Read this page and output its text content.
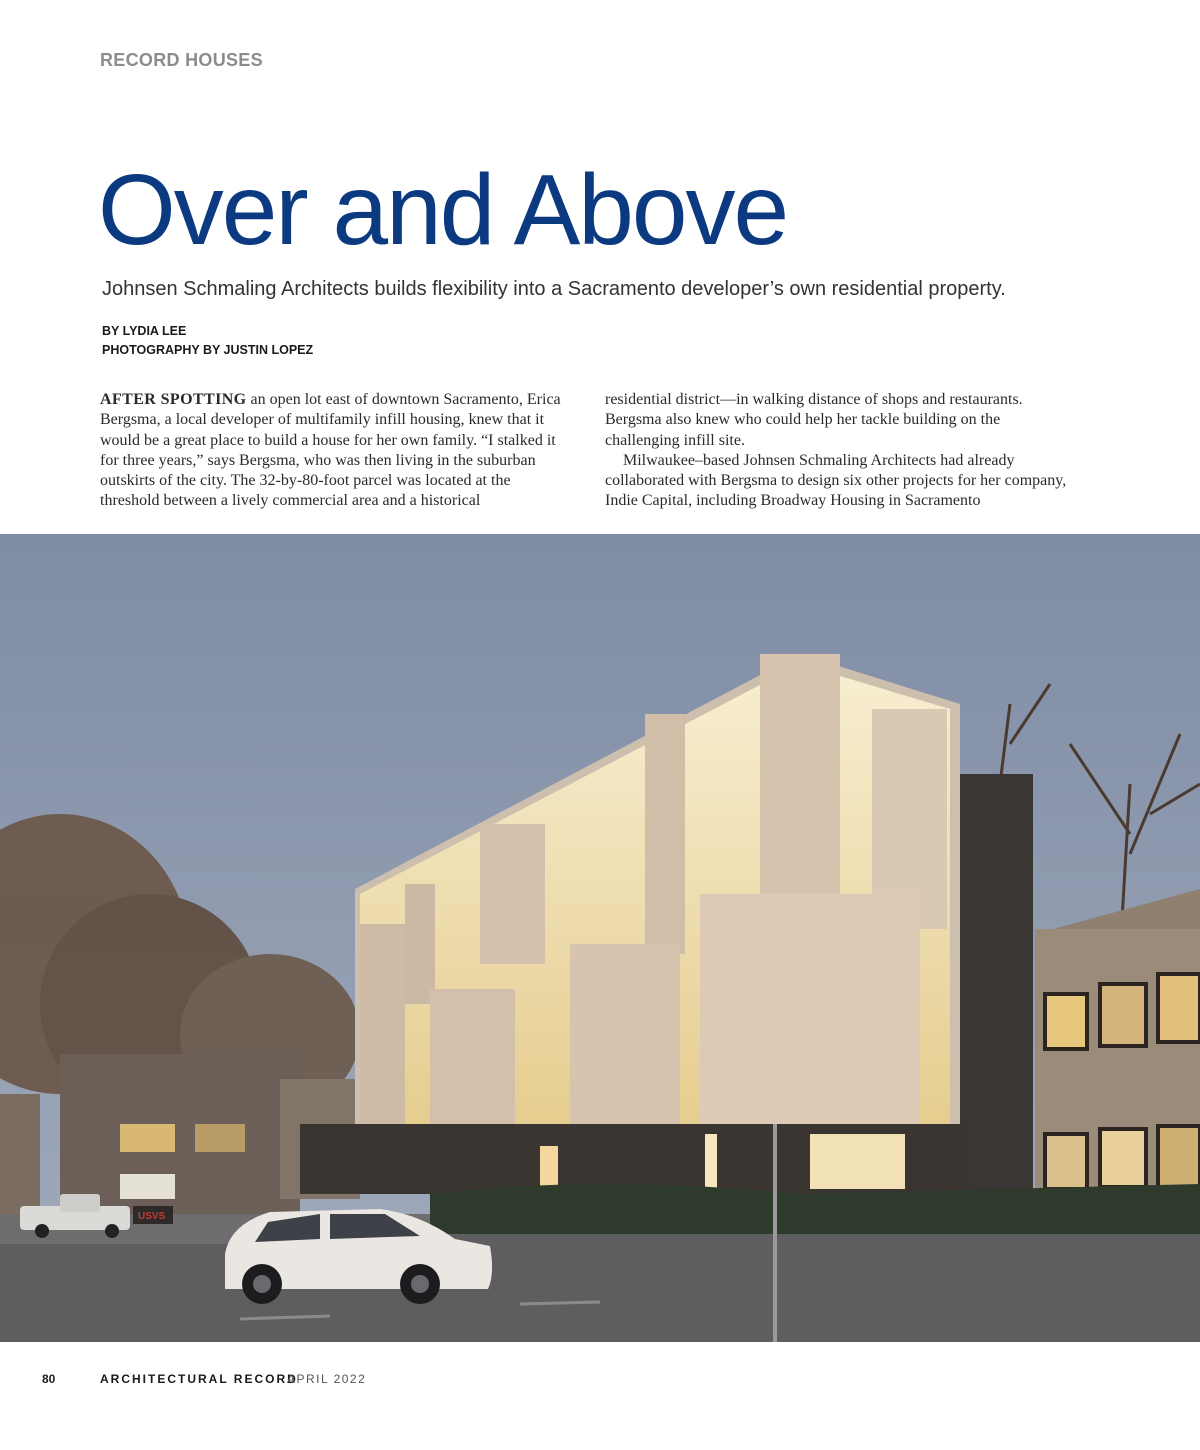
RECORD HOUSES
Over and Above

Johnsen Schmaling Architects builds flexibility into a Sacramento developer’s own residential property.

BY LYDIA LEE
PHOTOGRAPHY BY JUSTIN LOPEZ

AFTER SPOTTING an open lot east of downtown Sacramento, Erica Bergsma, a local developer of multifamily infill housing, knew that it would be a great place to build a house for her own family. “I stalked it for three years,” says Bergsma, who was then living in the suburban outskirts of the city. The 32-by-80-foot parcel was located at the threshold between a lively commercial area and a historical

residential district—in walking distance of shops and restaurants. Bergsma also knew who could help her tackle building on the challenging infill site.
Milwaukee–based Johnsen Schmaling Architects had already collaborated with Bergsma to design six other projects for her company, Indie Capital, including Broadway Housing in Sacramento
USVS
80	ARCHITECTURAL RECORD
APRIL 2022
